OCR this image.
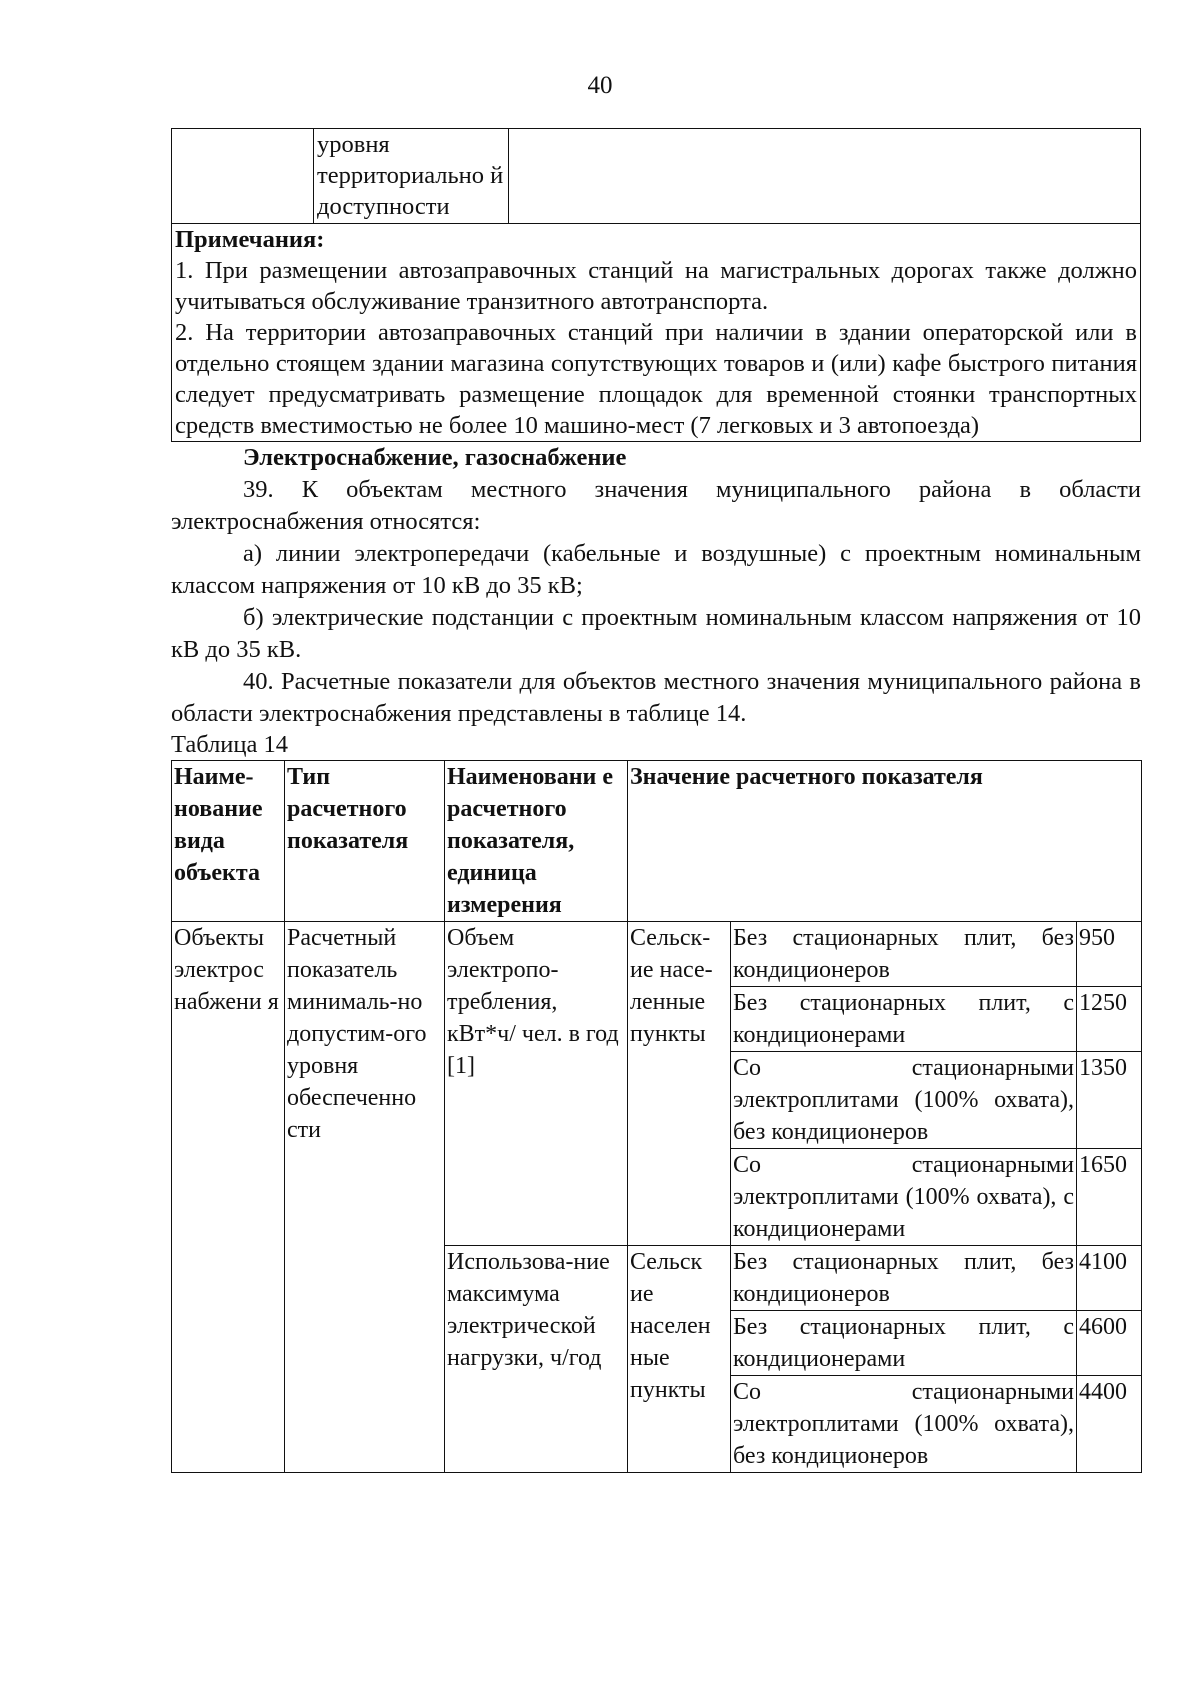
40
	уровня территориально й доступности	

Примечания:
1. При размещении автозаправочных станций на магистральных дорогах также должно учитываться обслуживание транзитного автотранспорта.
2. На территории автозаправочных станций при наличии в здании операторской или в отдельно стоящем здании магазина сопутствующих товаров и (или) кафе быстрого питания следует предусматривать размещение площадок для временной стоянки транспортных средств вместимостью не более 10 машино-мест (7 легковых и 3 автопоезда)
Электроснабжение, газоснабжение

39. К объектам местного значения муниципального района в области электроснабжения относятся:

а) линии электропередачи (кабельные и воздушные) с проектным номинальным классом напряжения от 10 кВ до 35 кВ;

б) электрические подстанции с проектным номинальным классом напряжения от 10 кВ до 35 кВ.

40. Расчетные показатели для объектов местного значения муниципального района в области электроснабжения представлены в таблице 14.

Таблица 14
Наиме-нование вида объекта	Тип расчетного показателя	Наименовани е расчетного показателя, единица измерения	Значение расчетного показателя		
Объекты электрос набжени я	Расчетный показатель минималь-но допустим-ого уровня обеспеченно сти	Объем электропо-требления, кВт*ч/ чел. в год [1]	Сельск-ие насе-ленные пункты	Без стационарных плит, без кондиционеров	950
				Без стационарных плит, с кондиционерами	1250
				Со стационарными электроплитами (100% охвата), без кондиционеров	1350
				Со стационарными электроплитами (100% охвата), с кондиционерами	1650
		Использова-ние максимума электрической нагрузки, ч/год	Сельск ие населен ные пункты	Без стационарных плит, без кондиционеров	4100
				Без стационарных плит, с кондиционерами	4600
				Со стационарными электроплитами (100% охвата), без кондиционеров	4400
